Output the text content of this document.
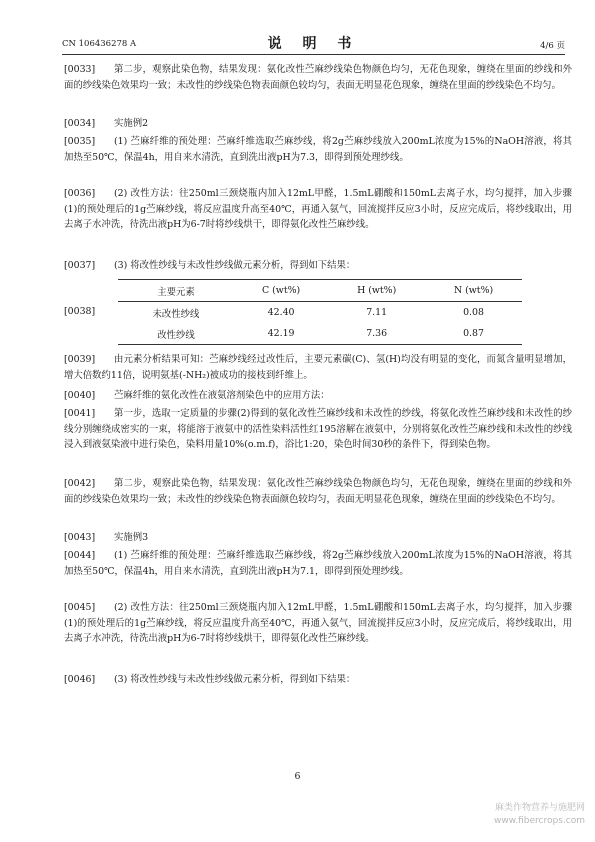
CN 106436278 A	说 明 书	4/6 页
[0033]	第二步，观察此染色物，结果发现：氨化改性苎麻纱线染色物颜色均匀，无花色现象，缠绕在里面的纱线和外面的纱线染色效果均一致；未改性的纱线染色物表面颜色较均匀，表面无明显花色现象，缠绕在里面的纱线染色不均匀。
[0034]	实施例2
[0035]	(1) 苎麻纤维的预处理：苎麻纤维选取苎麻纱线，将2g苎麻纱线放入200mL浓度为15%的NaOH溶液，将其加热至50℃，保温4h，用自来水清洗，直到洗出液pH为7.3，即得到预处理纱线。
[0036]	(2) 改性方法：往250ml三颈烧瓶内加入12mL甲醛，1.5mL硼酸和150mL去离子水，均匀搅拌，加入步骤(1)的预处理后的1g苎麻纱线，将反应温度升高至40℃，再通入氨气，回流搅拌反应3小时，反应完成后，将纱线取出，用去离子水冲洗，待洗出液pH为6-7时将纱线烘干，即得氨化改性苎麻纱线。
[0037]	(3) 将改性纱线与未改性纱线做元素分析，得到如下结果：
[0038]
主要元素	C (wt%)	H (wt%)	N (wt%)
未改性纱线	42.40	7.11	0.08
改性纱线	42.19	7.36	0.87
[0039]	由元素分析结果可知：苎麻纱线经过改性后，主要元素碳(C)、氢(H)均没有明显的变化，而氮含量明显增加，增大倍数约11倍，说明氨基(-NH₂)被成功的接枝到纤维上。
[0040]	苎麻纤维的氨化改性在液氨溶剂染色中的应用方法：
[0041]	第一步，选取一定质量的步骤(2)得到的氨化改性苎麻纱线和未改性的纱线，将氨化改性苎麻纱线和未改性的纱线分别缠绕成密实的一束，将能溶于液氨中的活性染料活性红195溶解在液氨中，分别将氨化改性苎麻纱线和未改性的纱线浸入到液氨染液中进行染色，染料用量10%(o.m.f)，浴比1:20，染色时间30秒的条件下，得到染色物。
[0042]	第二步，观察此染色物，结果发现：氨化改性苎麻纱线染色物颜色均匀，无花色现象，缠绕在里面的纱线和外面的纱线染色效果均一致；未改性的纱线染色物表面颜色较均匀，表面无明显花色现象，缠绕在里面的纱线染色不均匀。
[0043]	实施例3
[0044]	(1) 苎麻纤维的预处理：苎麻纤维选取苎麻纱线，将2g苎麻纱线放入200mL浓度为15%的NaOH溶液，将其加热至50℃，保温4h，用自来水清洗，直到洗出液pH为7.1，即得到预处理纱线。
[0045]	(2) 改性方法：往250ml三颈烧瓶内加入12mL甲醛，1.5mL硼酸和150mL去离子水，均匀搅拌，加入步骤(1)的预处理后的1g苎麻纱线，将反应温度升高至40℃，再通入氨气，回流搅拌反应3小时，反应完成后，将纱线取出，用去离子水冲洗，待洗出液pH为6-7时将纱线烘干，即得氨化改性苎麻纱线。
[0046]	(3) 将改性纱线与未改性纱线做元素分析，得到如下结果：
6
麻类作物营养与施肥网
www.fibercrops.com
